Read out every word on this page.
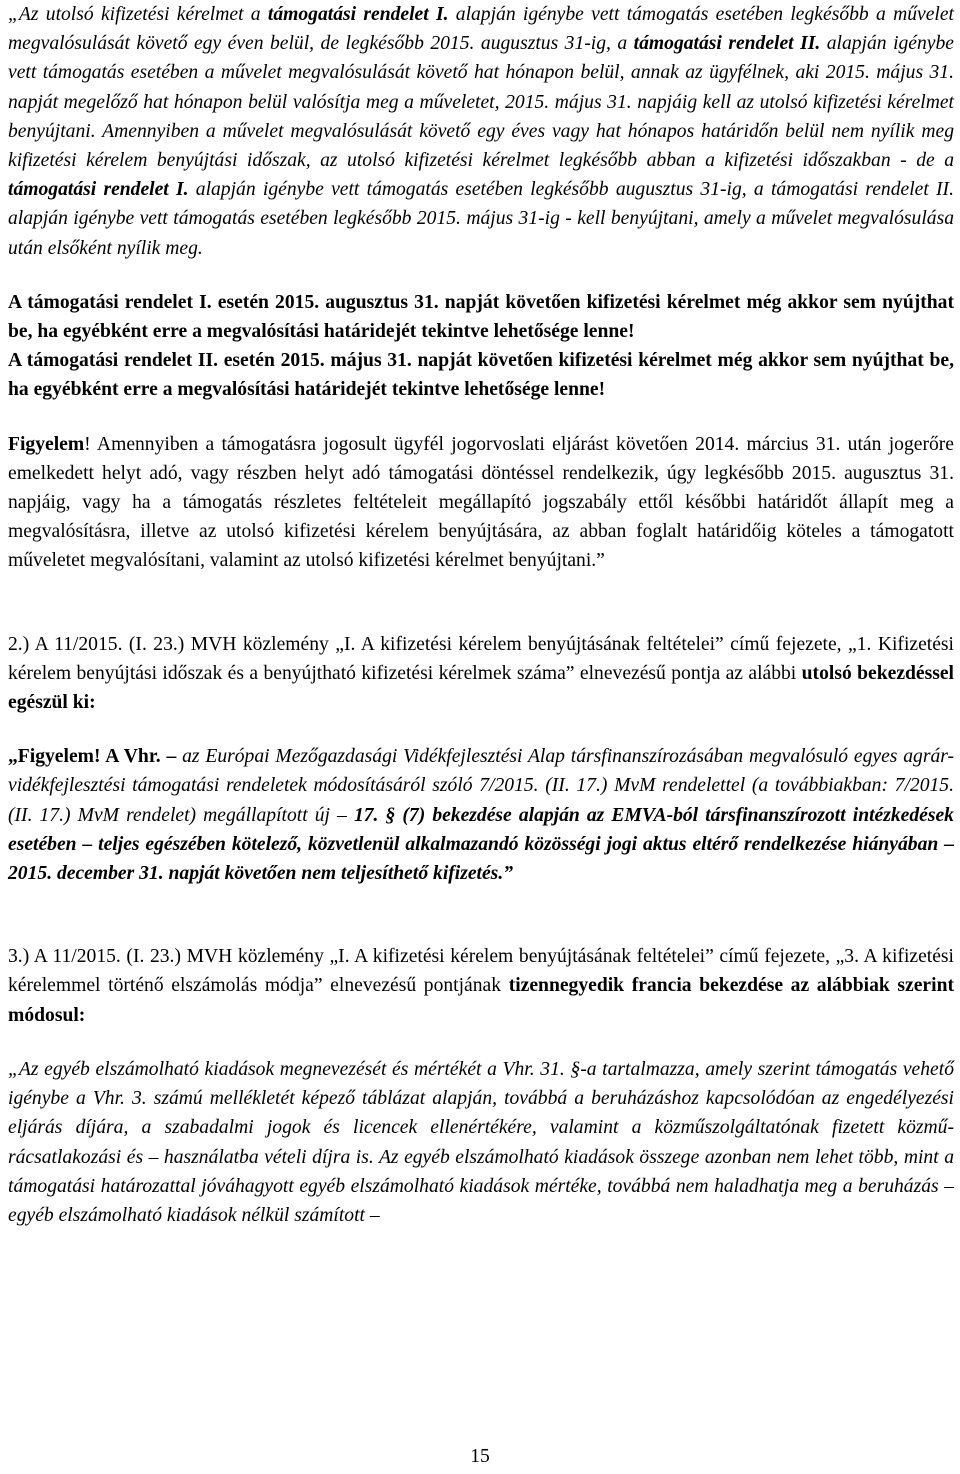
„Az utolsó kifizetési kérelmet a támogatási rendelet I. alapján igénybe vett támogatás esetében legkésőbb a művelet megvalósulását követő egy éven belül, de legkésőbb 2015. augusztus 31-ig, a támogatási rendelet II. alapján igénybe vett támogatás esetében a művelet megvalósulását követő hat hónapon belül, annak az ügyfélnek, aki 2015. május 31. napját megelőző hat hónapon belül valósítja meg a műveletet, 2015. május 31. napjáig kell az utolsó kifizetési kérelmet benyújtani. Amennyiben a művelet megvalósulását követő egy éves vagy hat hónapos határidőn belül nem nyílik meg kifizetési kérelem benyújtási időszak, az utolsó kifizetési kérelmet legkésőbb abban a kifizetési időszakban - de a támogatási rendelet I. alapján igénybe vett támogatás esetében legkésőbb augusztus 31-ig, a támogatási rendelet II. alapján igénybe vett támogatás esetében legkésőbb 2015. május 31-ig - kell benyújtani, amely a művelet megvalósulása után elsőként nyílik meg.

A támogatási rendelet I. esetén 2015. augusztus 31. napját követően kifizetési kérelmet még akkor sem nyújthat be, ha egyébként erre a megvalósítási határidejét tekintve lehetősége lenne!

A támogatási rendelet II. esetén 2015. május 31. napját követően kifizetési kérelmet még akkor sem nyújthat be, ha egyébként erre a megvalósítási határidejét tekintve lehetősége lenne!

Figyelem! Amennyiben a támogatásra jogosult ügyfél jogorvoslati eljárást követően 2014. március 31. után jogerőre emelkedett helyt adó, vagy részben helyt adó támogatási döntéssel rendelkezik, úgy legkésőbb 2015. augusztus 31. napjáig, vagy ha a támogatás részletes feltételeit megállapító jogszabály ettől későbbi határidőt állapít meg a megvalósításra, illetve az utolsó kifizetési kérelem benyújtására, az abban foglalt határidőig köteles a támogatott műveletet megvalósítani, valamint az utolsó kifizetési kérelmet benyújtani.”

2.) A 11/2015. (I. 23.) MVH közlemény „I. A kifizetési kérelem benyújtásának feltételei” című fejezete, „1. Kifizetési kérelem benyújtási időszak és a benyújtható kifizetési kérelmek száma” elnevezésű pontja az alábbi utolsó bekezdéssel egészül ki:

„Figyelem! A Vhr. – az Európai Mezőgazdasági Vidékfejlesztési Alap társfinanszírozásában megvalósuló egyes agrár-vidékfejlesztési támogatási rendeletek módosításáról szóló 7/2015. (II. 17.) MvM rendelettel (a továbbiakban: 7/2015. (II. 17.) MvM rendelet) megállapított új – 17. § (7) bekezdése alapján az EMVA-ból társfinanszírozott intézkedések esetében – teljes egészében kötelező, közvetlenül alkalmazandó közösségi jogi aktus eltérő rendelkezése hiányában – 2015. december 31. napját követően nem teljesíthető kifizetés.”

3.) A 11/2015. (I. 23.) MVH közlemény „I. A kifizetési kérelem benyújtásának feltételei” című fejezete, „3. A kifizetési kérelemmel történő elszámolás módja” elnevezésű pontjának tizennegyedik francia bekezdése az alábbiak szerint módosul:

„Az egyéb elszámolható kiadások megnevezését és mértékét a Vhr. 31. §-a tartalmazza, amely szerint támogatás vehető igénybe a Vhr. 3. számú mellékletét képező táblázat alapján, továbbá a beruházáshoz kapcsolódóan az engedélyezési eljárás díjára, a szabadalmi jogok és licencek ellenértékére, valamint a közműszolgáltatónak fizetett közmű-rácsatlakozási és – használatba vételi díjra is. Az egyéb elszámolható kiadások összege azonban nem lehet több, mint a támogatási határozattal jóváhagyott egyéb elszámolható kiadások mértéke, továbbá nem haladhatja meg a beruházás – egyéb elszámolható kiadások nélkül számított –

15
